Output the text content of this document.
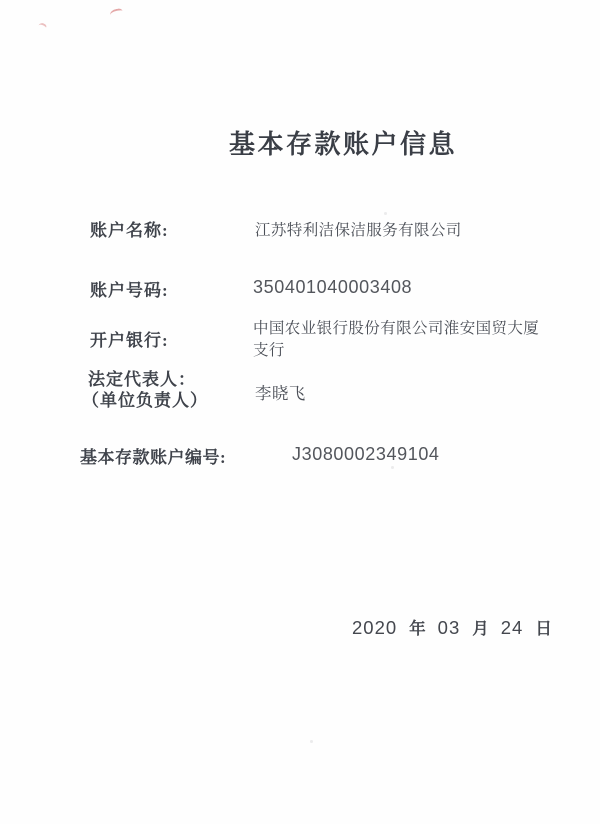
基本存款账户信息
账户名称:	江苏特利洁保洁服务有限公司
账户号码:	350401040003408
开户银行:
中国农业银行股份有限公司淮安国贸大厦支行
法定代表人：
（单位负责人）	李晓飞
基本存款账户编号:	J3080002349104
2020 年 03 月 24 日
